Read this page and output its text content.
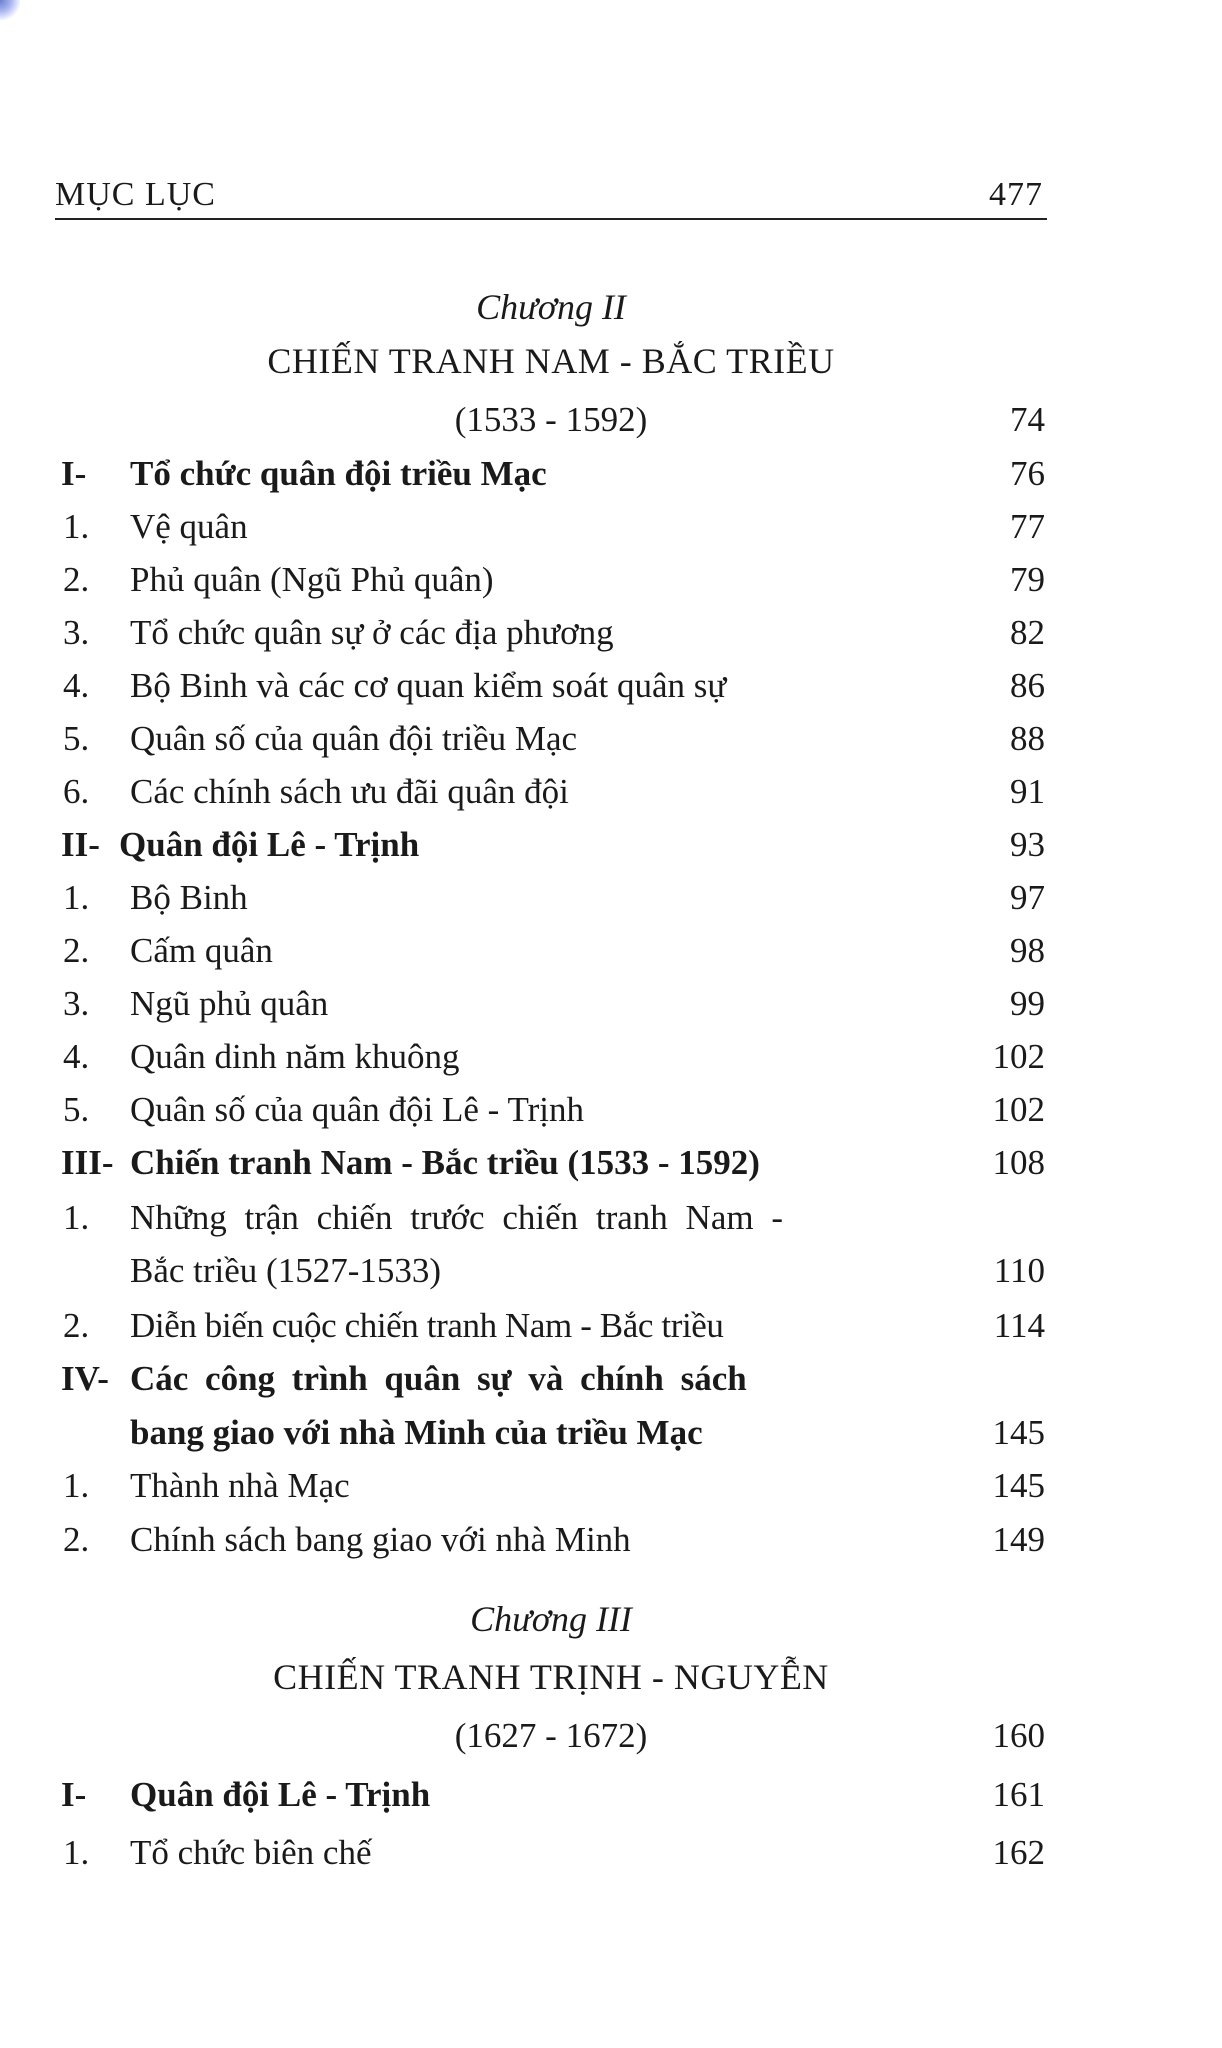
MỤC LỤC	477
Chương II
CHIẾN TRANH NAM - BẮC TRIỀU
(1533 - 1592)	74
I- Tổ chức quân đội triều Mạc	76
1. Vệ quân	77
2. Phủ quân (Ngũ Phủ quân)	79
3. Tổ chức quân sự ở các địa phương	82
4. Bộ Binh và các cơ quan kiểm soát quân sự	86
5. Quân số của quân đội triều Mạc	88
6. Các chính sách ưu đãi quân đội	91
II- Quân đội Lê - Trịnh	93
1. Bộ Binh	97
2. Cấm quân	98
3. Ngũ phủ quân	99
4. Quân dinh năm khuông	102
5. Quân số của quân đội Lê - Trịnh	102
III- Chiến tranh Nam - Bắc triều (1533 - 1592)	108
1. Những trận chiến trước chiến tranh Nam -
Bắc triều (1527-1533)	110
2. Diễn biến cuộc chiến tranh Nam - Bắc triều	114
IV- Các công trình quân sự và chính sách
bang giao với nhà Minh của triều Mạc	145
1. Thành nhà Mạc	145
2. Chính sách bang giao với nhà Minh	149
Chương III
CHIẾN TRANH TRỊNH - NGUYỄN
(1627 - 1672)	160
I- Quân đội Lê - Trịnh	161
1. Tổ chức biên chế	162
